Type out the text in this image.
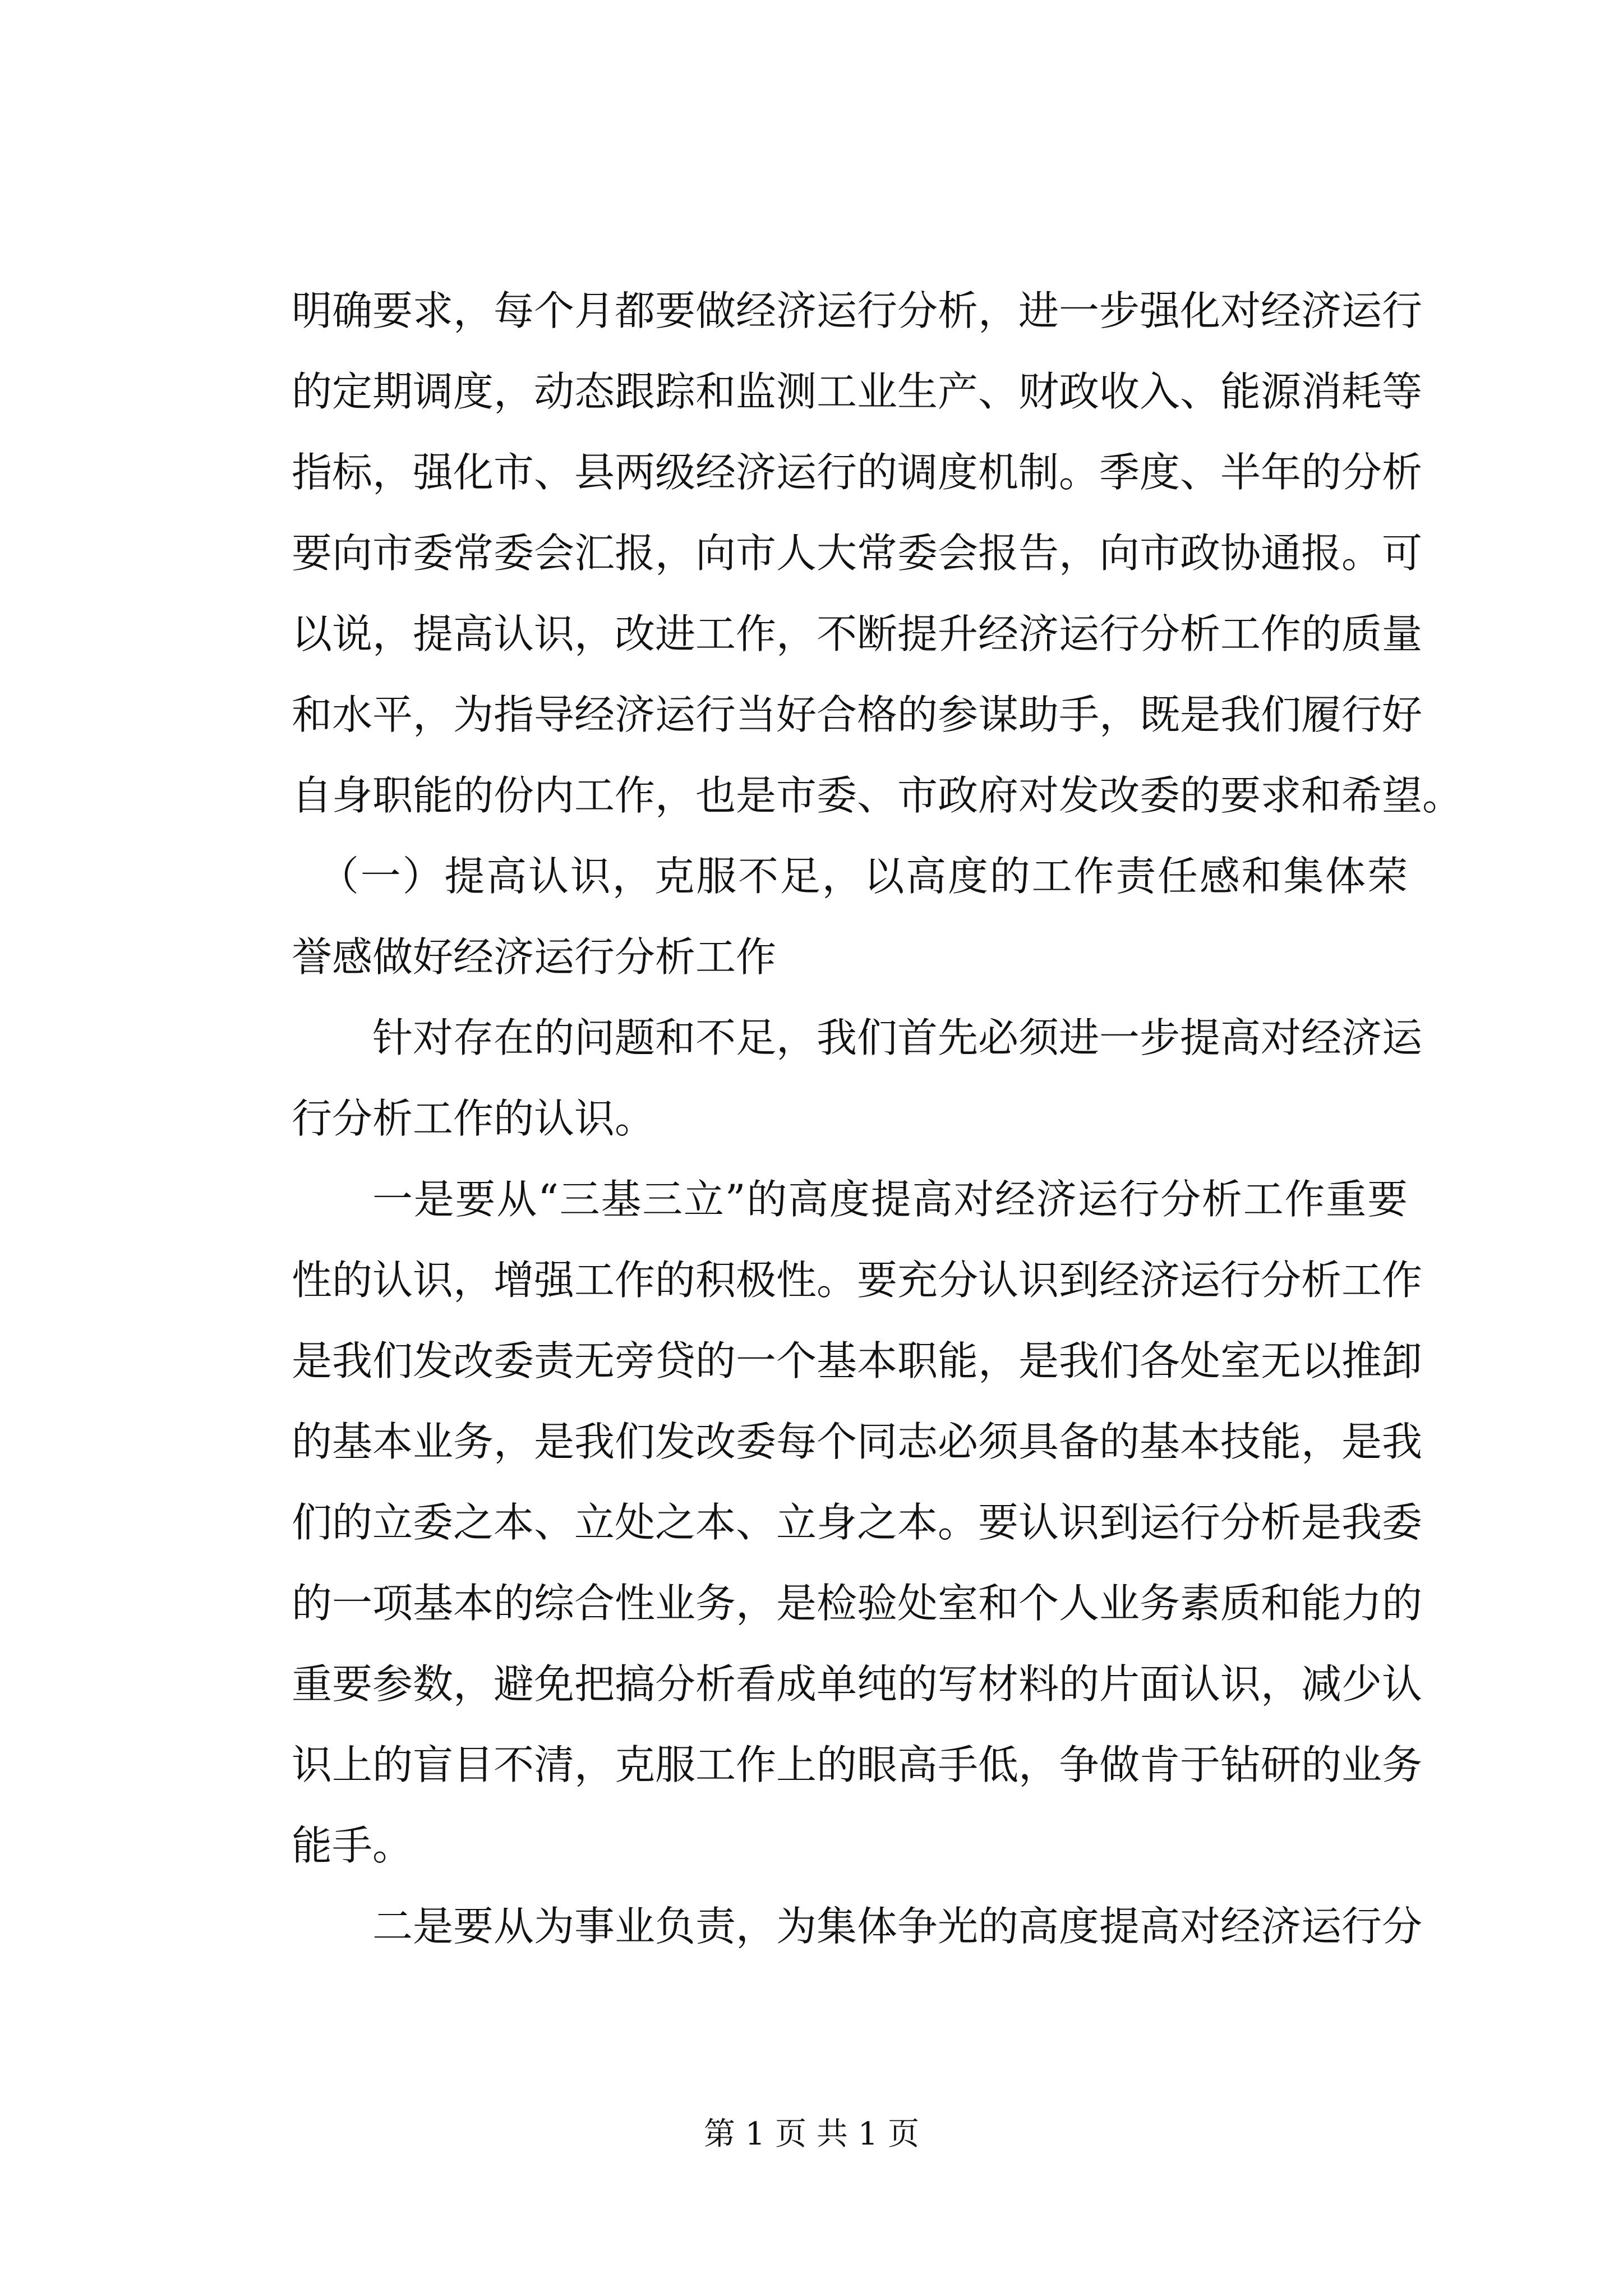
明确要求，每个月都要做经济运行分析，进一步强化对经济运行
的定期调度，动态跟踪和监测工业生产、财政收入、能源消耗等
指标，强化市、县两级经济运行的调度机制。季度、半年的分析
要向市委常委会汇报，向市人大常委会报告，向市政协通报。可
以说，提高认识，改进工作，不断提升经济运行分析工作的质量
和水平，为指导经济运行当好合格的参谋助手，既是我们履行好
自身职能的份内工作，也是市委、市政府对发改委的要求和希望。
（一）提高认识，克服不足，以高度的工作责任感和集体荣
誉感做好经济运行分析工作
针对存在的问题和不足，我们首先必须进一步提高对经济运
行分析工作的认识。
一是要从“三基三立”的高度提高对经济运行分析工作重要
性的认识，增强工作的积极性。要充分认识到经济运行分析工作
是我们发改委责无旁贷的一个基本职能，是我们各处室无以推卸
的基本业务，是我们发改委每个同志必须具备的基本技能，是我
们的立委之本、立处之本、立身之本。要认识到运行分析是我委
的一项基本的综合性业务，是检验处室和个人业务素质和能力的
重要参数，避免把搞分析看成单纯的写材料的片面认识，减少认
识上的盲目不清，克服工作上的眼高手低，争做肯于钻研的业务
能手。
二是要从为事业负责，为集体争光的高度提高对经济运行分
第 1 页 共 1 页
